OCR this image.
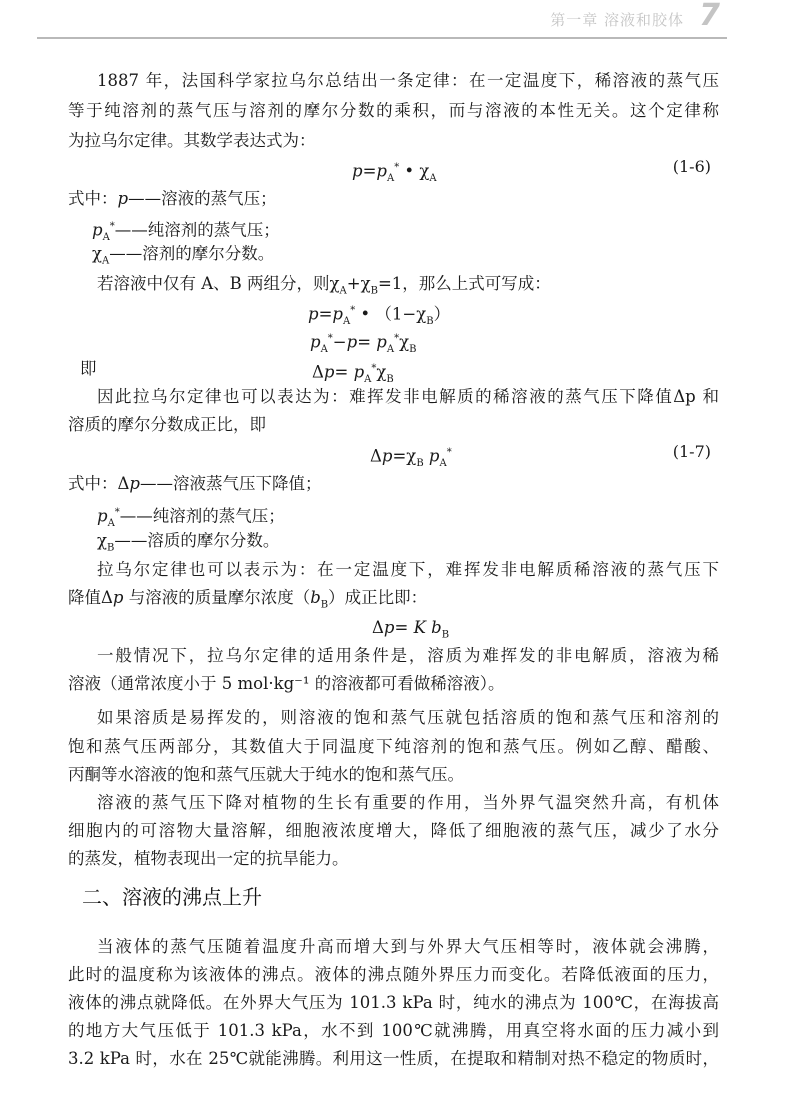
第一章 溶液和胶体 7
1887 年，法国科学家拉乌尔总结出一条定律：在一定温度下，稀溶液的蒸气压
等于纯溶剂的蒸气压与溶剂的摩尔分数的乘积，而与溶液的本性无关。这个定律称
为拉乌尔定律。其数学表达式为：
$p=p_A^*$ • $\chi_A$
(1-6)
式中：p——溶液的蒸气压；
$p_A^*——$纯溶剂的蒸气压；
$\chi_A——$溶剂的摩尔分数。
若溶液中仅有 A、B 两组分，则$\chi_A+\chi_B=1$，那么上式可写成：
$p=p_A^*$ • $(1-\chi_B)$
$p_A^*-p= p_A^*\chi_B$
即	$\Delta p= p_A^*\chi_B$
因此拉乌尔定律也可以表达为：难挥发非电解质的稀溶液的蒸气压下降值Δp 和
溶质的摩尔分数成正比，即
$\Delta p=\chi_B$ $p_A^*$	(1-7)
式中：Δp——溶液蒸气压下降值；
$p_A^*——$纯溶剂的蒸气压；
$\chi_B——$溶质的摩尔分数。
拉乌尔定律也可以表示为：在一定温度下，难挥发非电解质稀溶液的蒸气压下
降值Δp 与溶液的质量摩尔浓度$(b_B)$成正比即：
Δp= K $b_B$
一般情况下，拉乌尔定律的适用条件是，溶质为难挥发的非电解质，溶液为稀
溶液（通常浓度小于 5 mol·kg⁻¹ 的溶液都可看做稀溶液）。
如果溶质是易挥发的，则溶液的饱和蒸气压就包括溶质的饱和蒸气压和溶剂的
饱和蒸气压两部分，其数值大于同温度下纯溶剂的饱和蒸气压。例如乙醇、醋酸、
丙酮等水溶液的饱和蒸气压就大于纯水的饱和蒸气压。
溶液的蒸气压下降对植物的生长有重要的作用，当外界气温突然升高，有机体
细胞内的可溶物大量溶解，细胞液浓度增大，降低了细胞液的蒸气压，减少了水分
的蒸发，植物表现出一定的抗旱能力。
二、溶液的沸点上升
当液体的蒸气压随着温度升高而增大到与外界大气压相等时，液体就会沸腾，
此时的温度称为该液体的沸点。液体的沸点随外界压力而变化。若降低液面的压力，
液体的沸点就降低。在外界大气压为 101.3 kPa 时，纯水的沸点为 100℃，在海拔高
的地方大气压低于 101.3 kPa，水不到 100℃就沸腾，用真空将水面的压力减小到
3.2 kPa 时，水在 25℃就能沸腾。利用这一性质，在提取和精制对热不稳定的物质时，
